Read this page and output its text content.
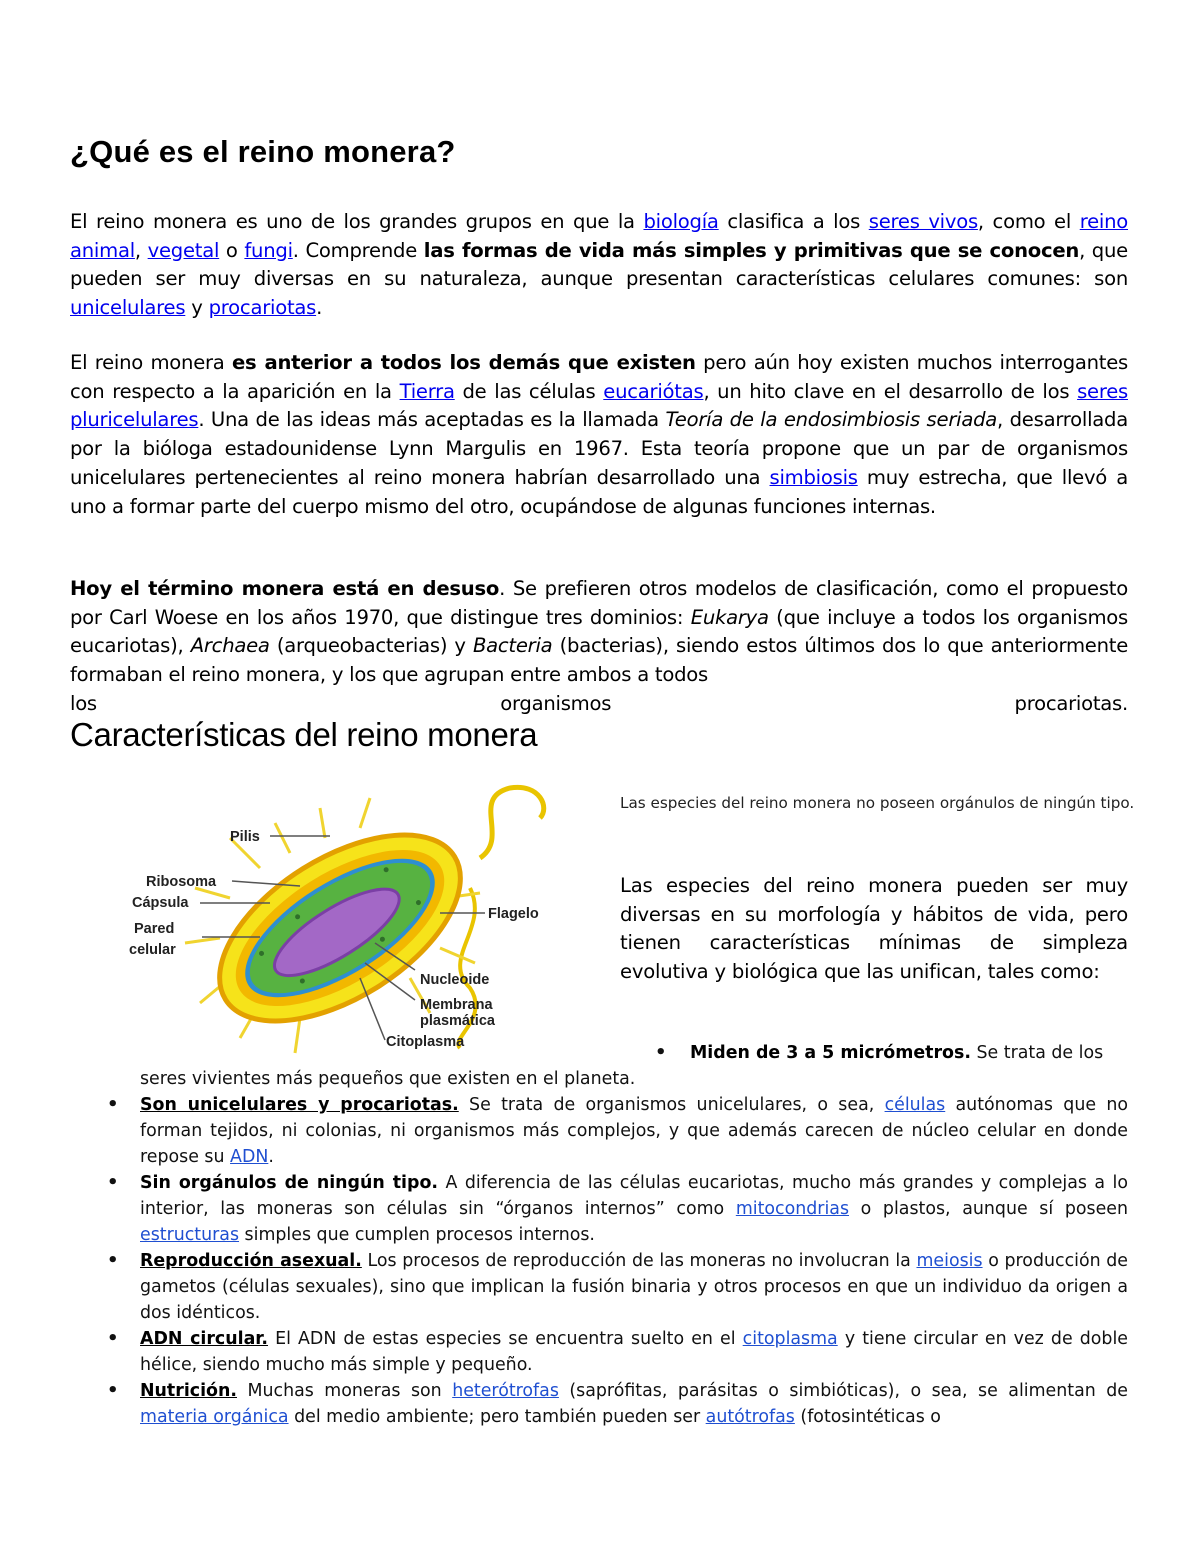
¿Qué es el reino monera?

El reino monera es uno de los grandes grupos en que la biología clasifica a los seres vivos, como el reino animal, vegetal o fungi. Comprende las formas de vida más simples y primitivas que se conocen, que pueden ser muy diversas en su naturaleza, aunque presentan características celulares comunes: son unicelulares y procariotas.

El reino monera es anterior a todos los demás que existen pero aún hoy existen muchos interrogantes con respecto a la aparición en la Tierra de las células eucariótas, un hito clave en el desarrollo de los seres pluricelulares. Una de las ideas más aceptadas es la llamada Teoría de la endosimbiosis seriada, desarrollada por la bióloga estadounidense Lynn Margulis en 1967. Esta teoría propone que un par de organismos unicelulares pertenecientes al reino monera habrían desarrollado una simbiosis muy estrecha, que llevó a uno a formar parte del cuerpo mismo del otro, ocupándose de algunas funciones internas.

Hoy el término monera está en desuso. Se prefieren otros modelos de clasificación, como el propuesto por Carl Woese en los años 1970, que distingue tres dominios: Eukarya (que incluye a todos los organismos eucariotas), Archaea (arqueobacterias) y Bacteria (bacterias), siendo estos últimos dos lo que anteriormente formaban el reino monera, y los que agrupan entre ambos a todos
los	organismos	procariotas.
Características del reino monera
Pilis
Ribosoma
Cápsula
Pared
celular
Flagelo
Nucleoide
Membrana
plasmática
Citoplasma

Las especies del reino monera no poseen orgánulos de ningún tipo.

Las especies del reino monera pueden ser muy diversas en su morfología y hábitos de vida, pero tienen características mínimas de simpleza evolutiva y biológica que las unifican, tales como:

•	Miden de 3 a 5 micrómetros. Se trata de los
seres vivientes más pequeños que existen en el planeta.
• Son unicelulares y procariotas. Se trata de organismos unicelulares, o sea, células autónomas que no forman tejidos, ni colonias, ni organismos más complejos, y que además carecen de núcleo celular en donde repose su ADN.
• Sin orgánulos de ningún tipo. A diferencia de las células eucariotas, mucho más grandes y complejas a lo interior, las moneras son células sin “órganos internos” como mitocondrias o plastos, aunque sí poseen estructuras simples que cumplen procesos internos.
• Reproducción asexual. Los procesos de reproducción de las moneras no involucran la meiosis o producción de gametos (células sexuales), sino que implican la fusión binaria y otros procesos en que un individuo da origen a dos idénticos.
• ADN circular. El ADN de estas especies se encuentra suelto en el citoplasma y tiene circular en vez de doble hélice, siendo mucho más simple y pequeño.
• Nutrición. Muchas moneras son heterótrofas (saprófitas, parásitas o simbióticas), o sea, se alimentan de materia orgánica del medio ambiente; pero también pueden ser autótrofas (fotosintéticas o
